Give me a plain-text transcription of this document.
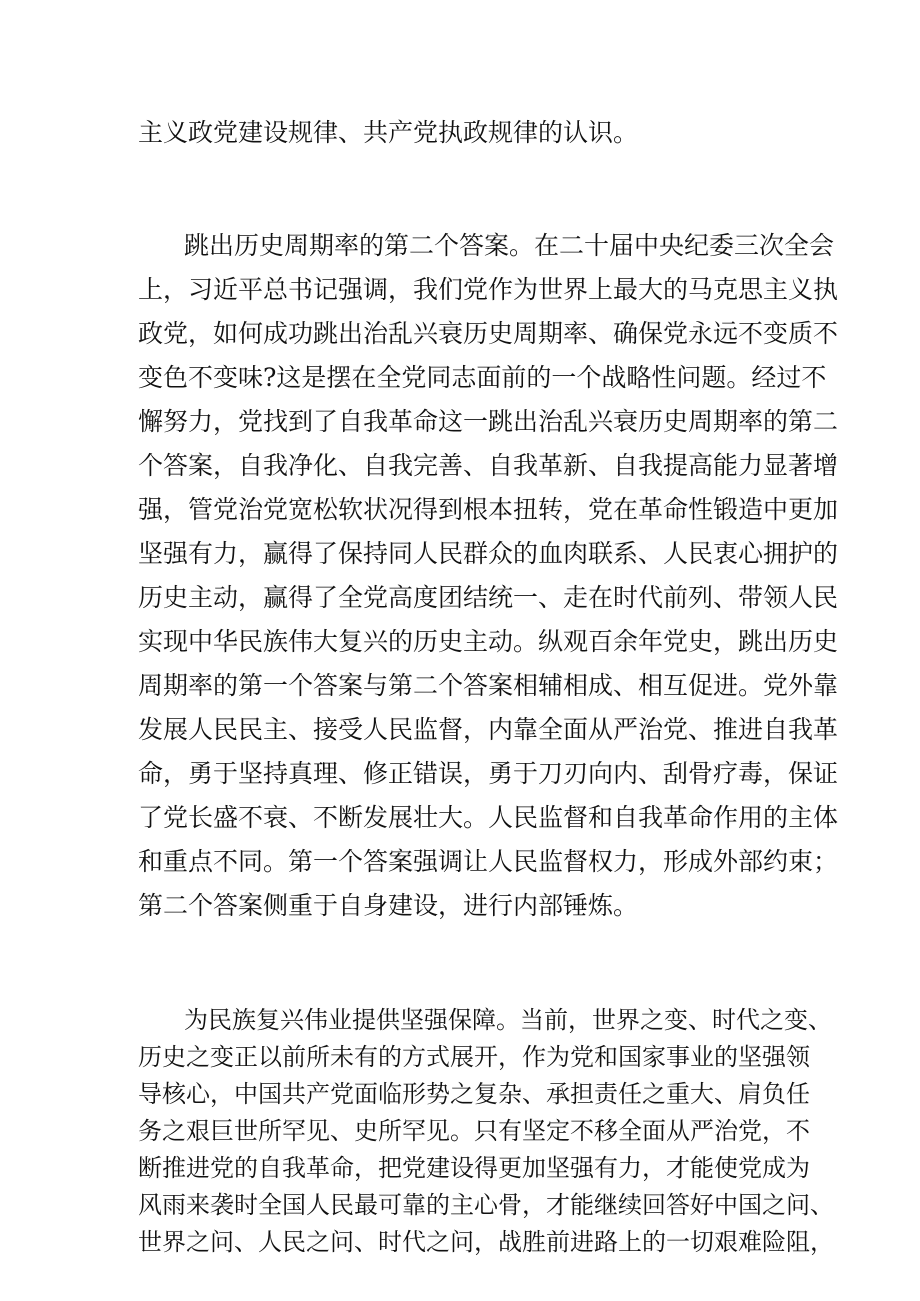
主义政党建设规律、共产党执政规律的认识。

跳出历史周期率的第二个答案。在二十届中央纪委三次全会

上，习近平总书记强调，我们党作为世界上最大的马克思主义执

政党，如何成功跳出治乱兴衰历史周期率、确保党永远不变质不

变色不变味?这是摆在全党同志面前的一个战略性问题。经过不

懈努力，党找到了自我革命这一跳出治乱兴衰历史周期率的第二

个答案，自我净化、自我完善、自我革新、自我提高能力显著增

强，管党治党宽松软状况得到根本扭转，党在革命性锻造中更加

坚强有力，赢得了保持同人民群众的血肉联系、人民衷心拥护的

历史主动，赢得了全党高度团结统一、走在时代前列、带领人民

实现中华民族伟大复兴的历史主动。纵观百余年党史，跳出历史

周期率的第一个答案与第二个答案相辅相成、相互促进。党外靠

发展人民民主、接受人民监督，内靠全面从严治党、推进自我革

命，勇于坚持真理、修正错误，勇于刀刃向内、刮骨疗毒，保证

了党长盛不衰、不断发展壮大。人民监督和自我革命作用的主体

和重点不同。第一个答案强调让人民监督权力，形成外部约束；

第二个答案侧重于自身建设，进行内部锤炼。

为民族复兴伟业提供坚强保障。当前，世界之变、时代之变、

历史之变正以前所未有的方式展开，作为党和国家事业的坚强领

导核心，中国共产党面临形势之复杂、承担责任之重大、肩负任

务之艰巨世所罕见、史所罕见。只有坚定不移全面从严治党，不

断推进党的自我革命，把党建设得更加坚强有力，才能使党成为

风雨来袭时全国人民最可靠的主心骨，才能继续回答好中国之问、

世界之问、人民之问、时代之问，战胜前进路上的一切艰难险阻，
